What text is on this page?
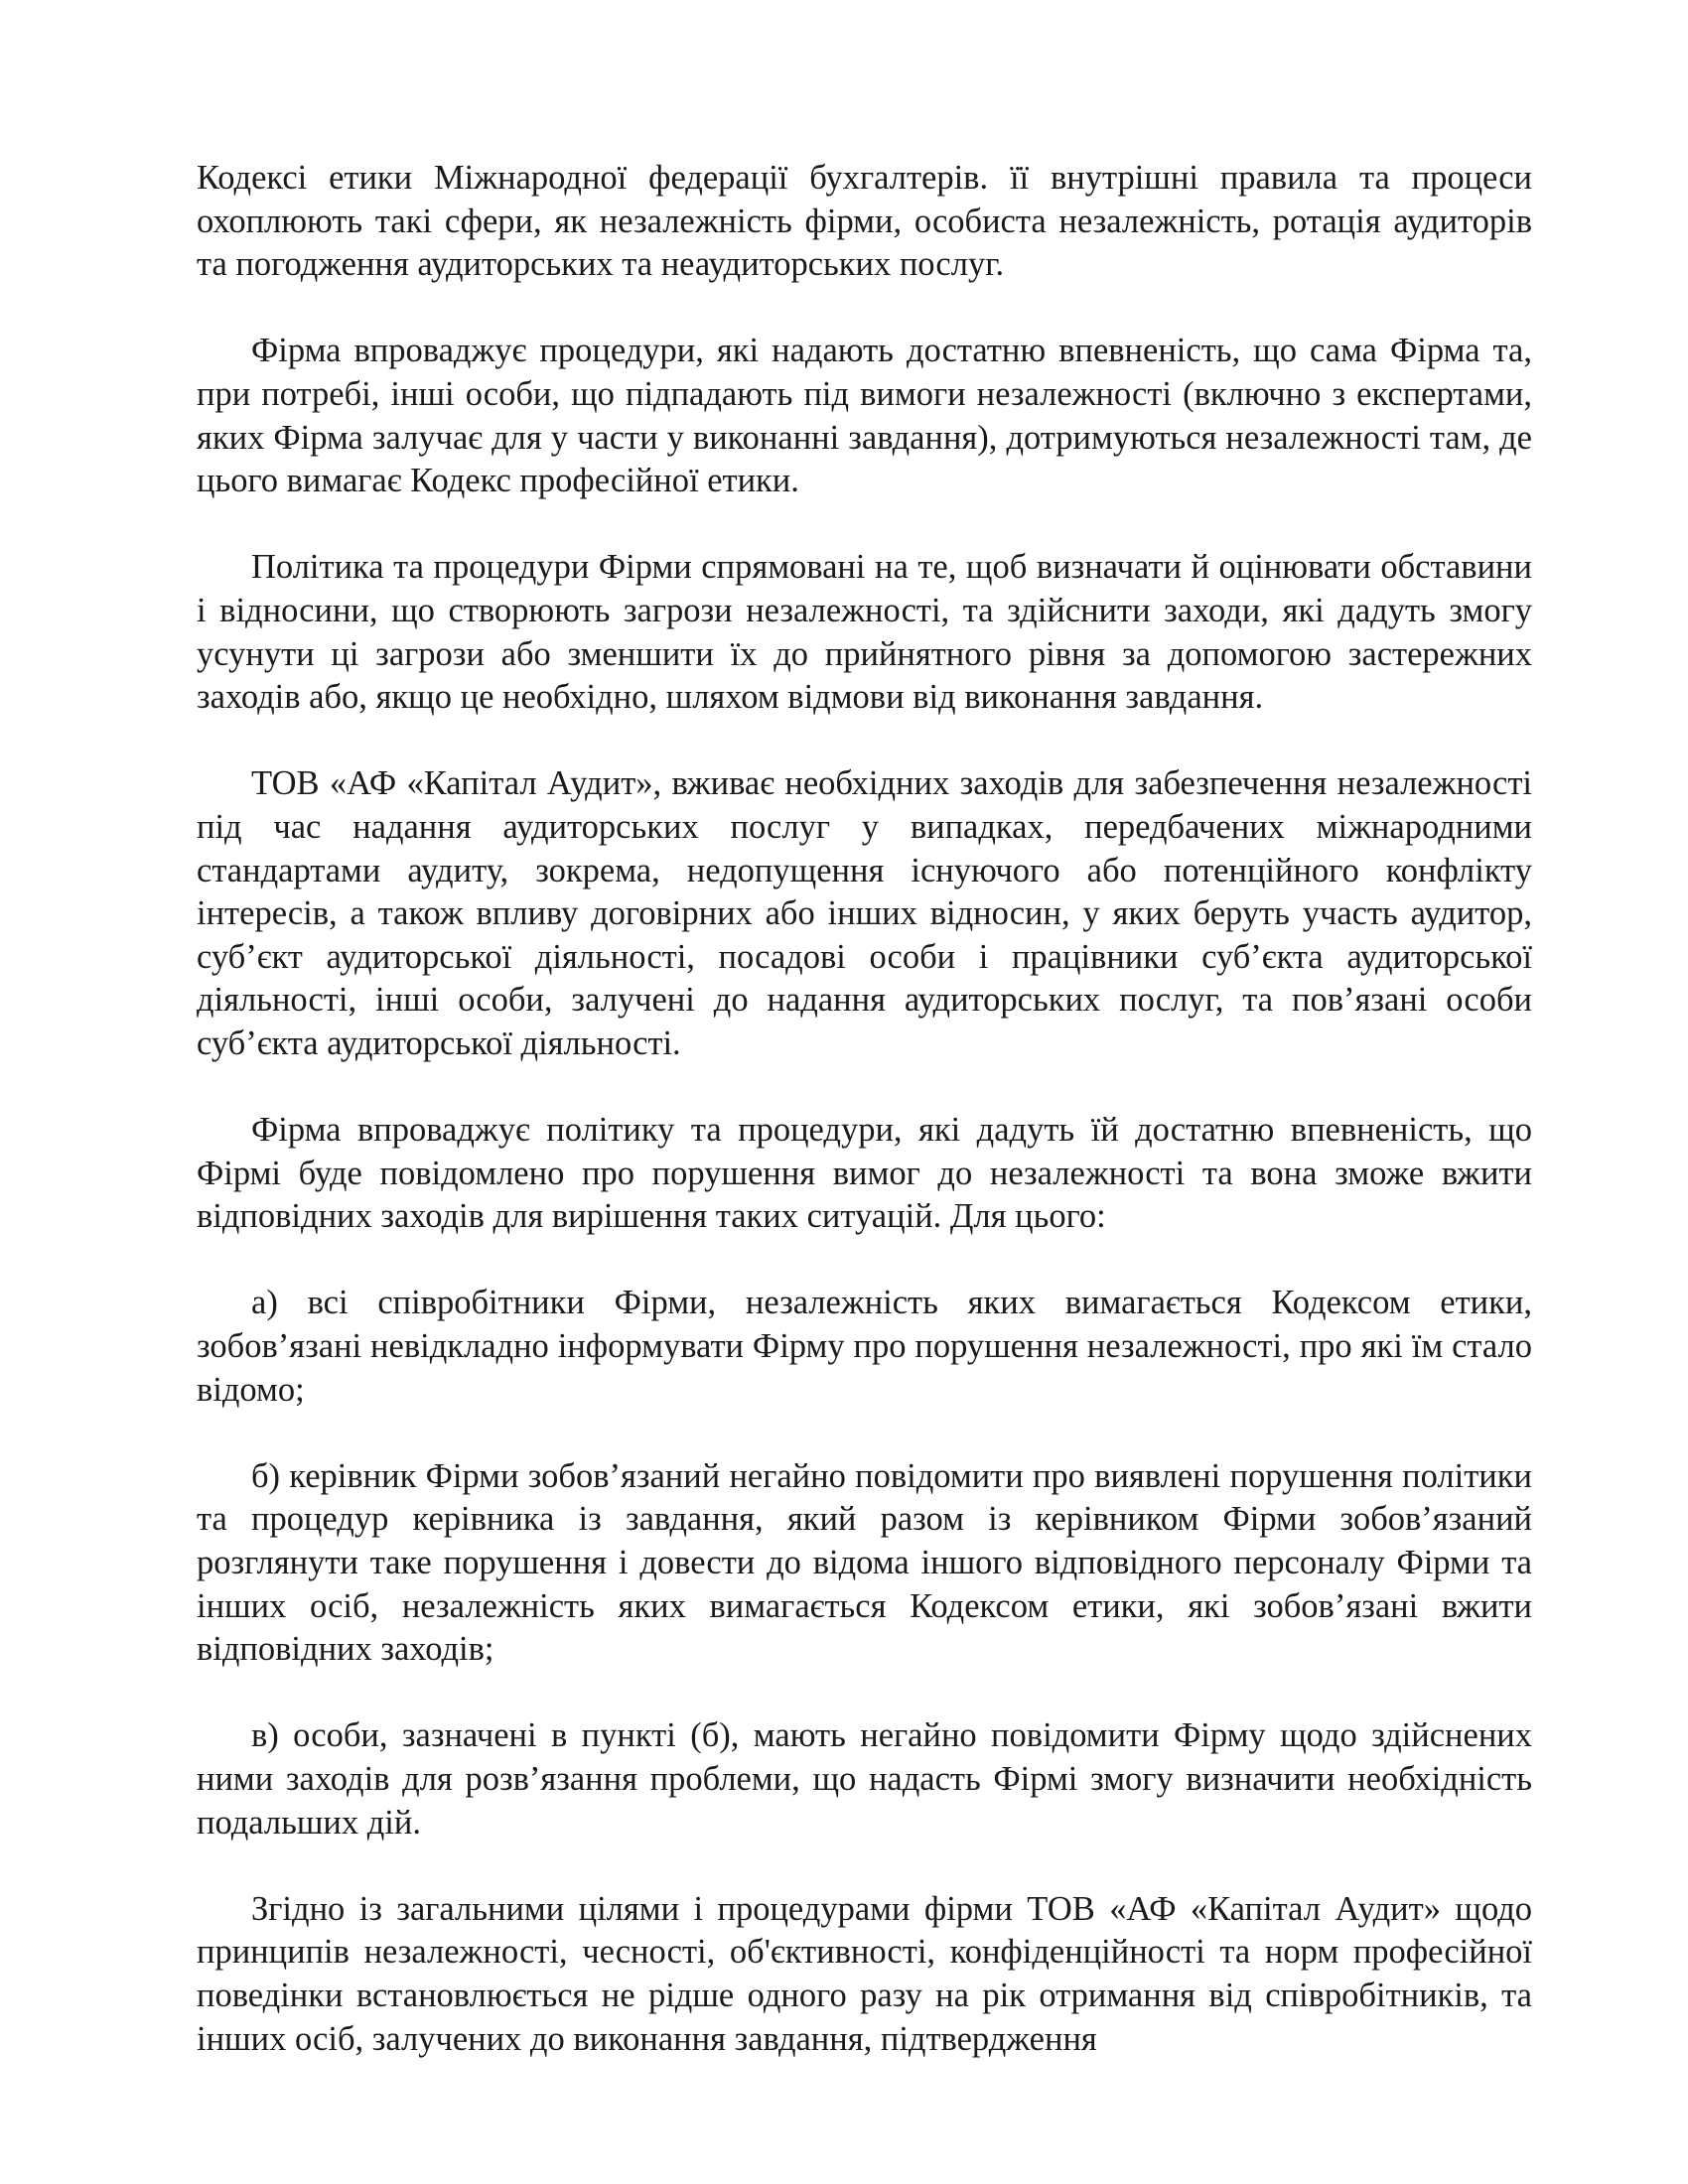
Кодексі етики Міжнародної федерації бухгалтерів. її внутрішні правила та процеси охоплюють такі сфери, як незалежність фірми, особиста незалежність, ротація аудиторів та погодження аудиторських та неаудиторських послуг.

Фірма впроваджує процедури, які надають достатню впевненість, що сама Фірма та, при потребі, інші особи, що підпадають під вимоги незалежності (включно з експертами, яких Фірма залучає для у части у виконанні завдання), дотримуються незалежності там, де цього вимагає Кодекс професійної етики.

Політика та процедури Фірми спрямовані на те, щоб визначати й оцінювати обставини і відносини, що створюють загрози незалежності, та здійснити заходи, які дадуть змогу усунути ці загрози або зменшити їх до прийнятного рівня за допомогою застережних заходів або, якщо це необхідно, шляхом відмови від виконання завдання.

ТОВ «АФ «Капітал Аудит», вживає необхідних заходів для забезпечення незалежності під час надання аудиторських послуг у випадках, передбачених міжнародними стандартами аудиту, зокрема, недопущення існуючого або потенційного конфлікту інтересів, а також впливу договірних або інших відносин, у яких беруть участь аудитор, суб’єкт аудиторської діяльності, посадові особи і працівники суб’єкта аудиторської діяльності, інші особи, залучені до надання аудиторських послуг, та пов’язані особи суб’єкта аудиторської діяльності.

Фірма впроваджує політику та процедури, які дадуть їй достатню впевненість, що Фірмі буде повідомлено про порушення вимог до незалежності та вона зможе вжити відповідних заходів для вирішення таких ситуацій. Для цього:

а) всі співробітники Фірми, незалежність яких вимагається Кодексом етики, зобов’язані невідкладно інформувати Фірму про порушення незалежності, про які їм стало відомо;

б) керівник Фірми зобов’язаний негайно повідомити про виявлені порушення політики та процедур керівника із завдання, який разом із керівником Фірми зобов’язаний розглянути таке порушення і довести до відома іншого відповідного персоналу Фірми та інших осіб, незалежність яких вимагається Кодексом етики, які зобов’язані вжити відповідних заходів;

в) особи, зазначені в пункті (б), мають негайно повідомити Фірму щодо здійснених ними заходів для розв’язання проблеми, що надасть Фірмі змогу визначити необхідність подальших дій.

Згідно із загальними цілями і процедурами фірми ТОВ «АФ «Капітал Аудит» щодо принципів незалежності, чесності, об'єктивності, конфіденційності та норм професійної поведінки встановлюється не рідше одного разу на рік отримання від співробітників, та інших осіб, залучених до виконання завдання, підтвердження
